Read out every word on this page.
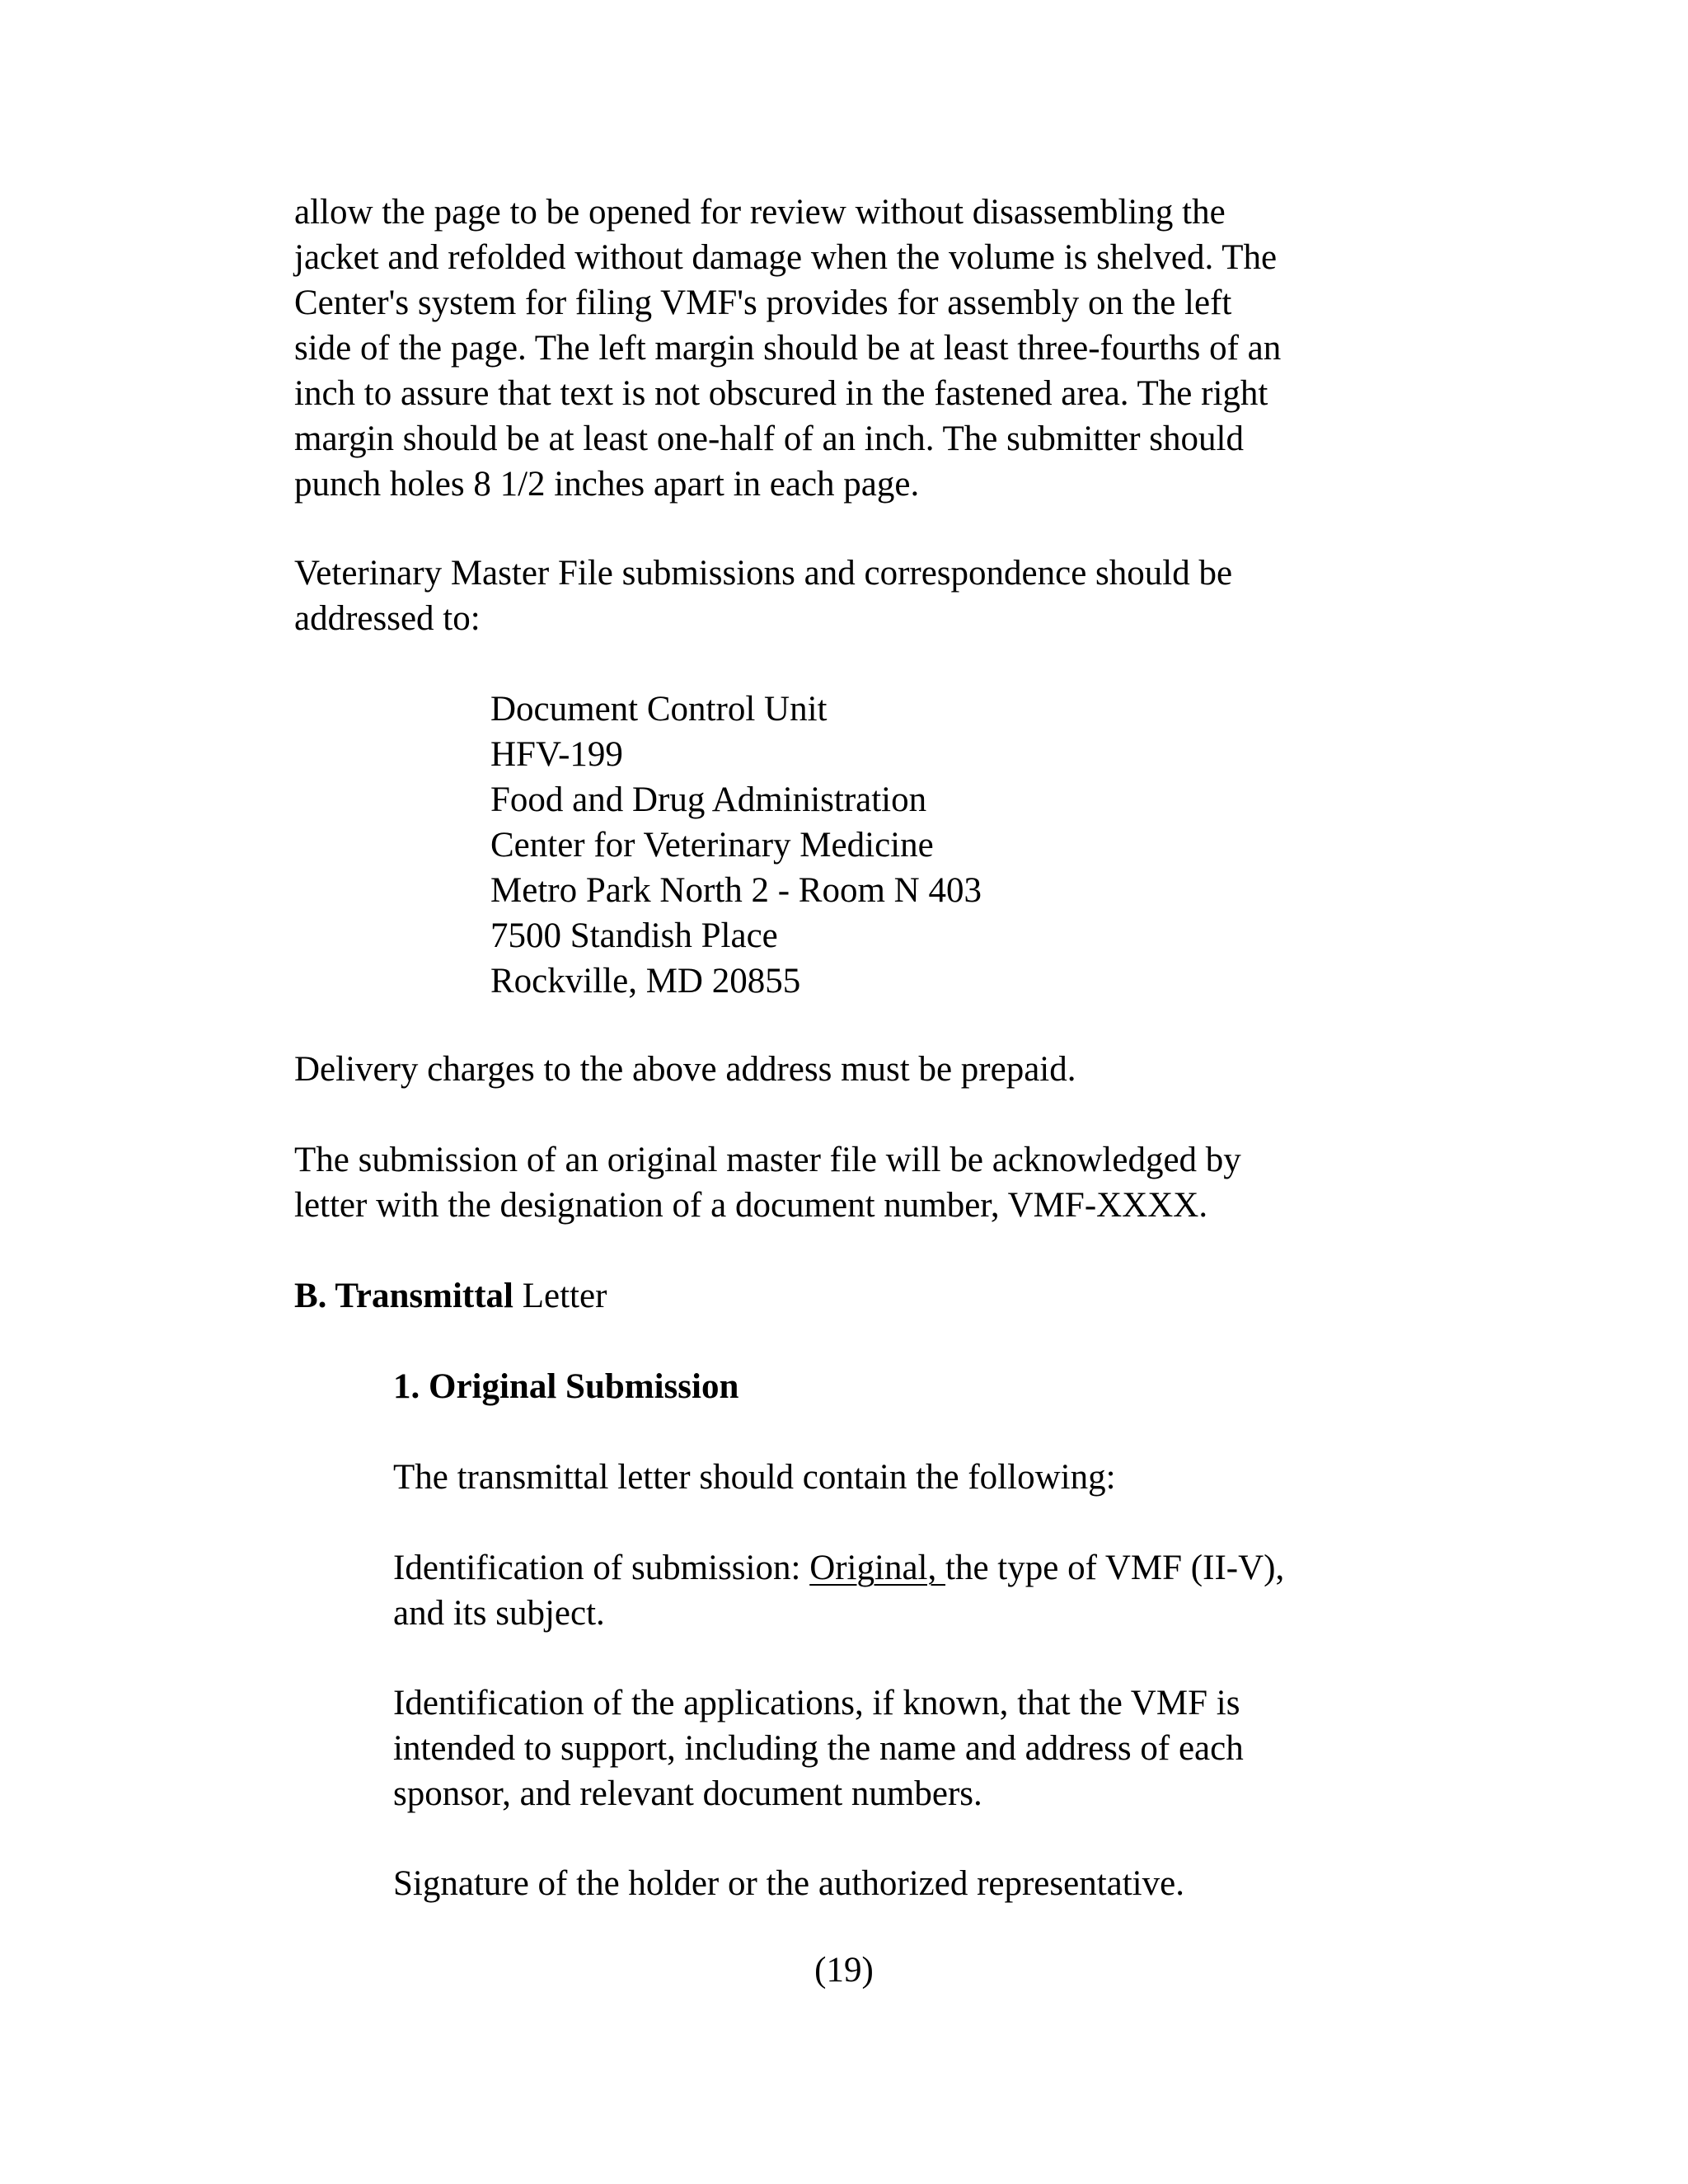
allow the page to be opened for review without disassembling the
jacket and refolded without damage when the volume is shelved. The
Center's system for filing VMF's provides for assembly on the left
side of the page. The left margin should be at least three-fourths of an
inch to assure that text is not obscured in the fastened area. The right
margin should be at least one-half of an inch. The submitter should
punch holes 8 1/2 inches apart in each page.
Veterinary Master File submissions and correspondence should be
addressed to:
Document Control Unit
HFV-199
Food and Drug Administration
Center for Veterinary Medicine
Metro Park North 2 - Room N 403
7500 Standish Place
Rockville, MD 20855
Delivery charges to the above address must be prepaid.
The submission of an original master file will be acknowledged by
letter with the designation of a document number, VMF-XXXX.
B. Transmittal Letter
1. Original Submission
The transmittal letter should contain the following:
Identification of submission: Original, the type of VMF (II-V),
and its subject.
Identification of the applications, if known, that the VMF is
intended to support, including the name and address of each
sponsor, and relevant document numbers.
Signature of the holder or the authorized representative.
(19)
